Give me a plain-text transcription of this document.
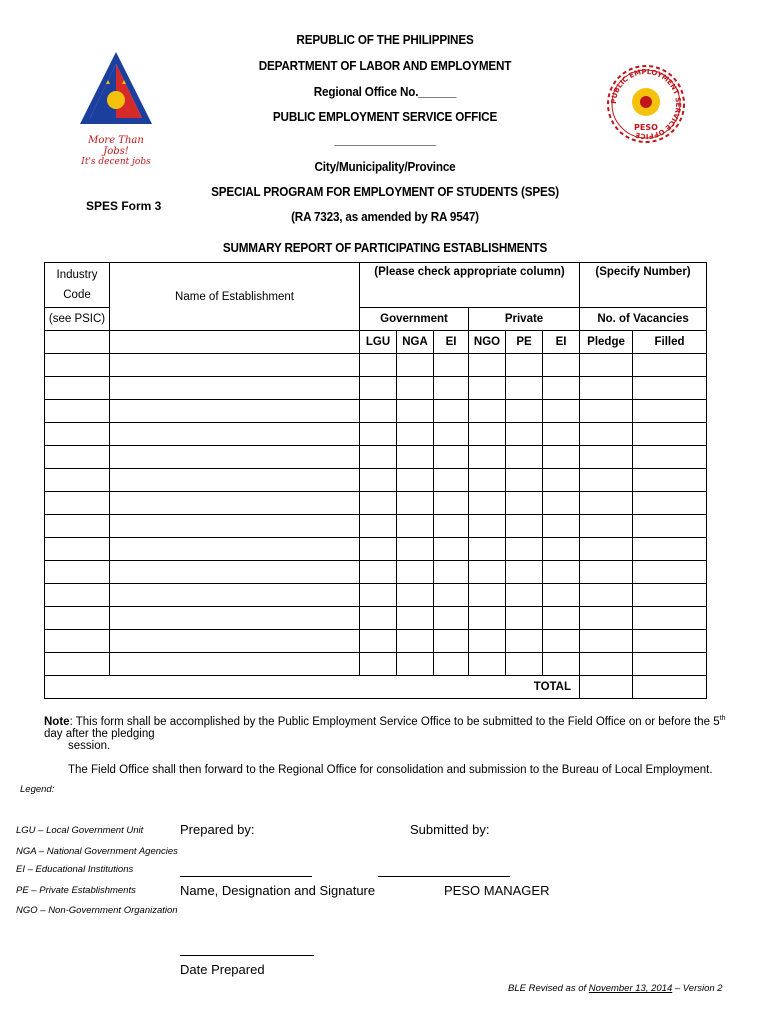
More Than Jobs!
It's decent jobs
PUBLIC EMPLOYMENT SERVICE OFFICE
PESO
REPUBLIC OF THE PHILIPPINES
DEPARTMENT OF LABOR AND EMPLOYMENT
Regional Office No.______
PUBLIC EMPLOYMENT SERVICE OFFICE
________________
City/Municipality/Province
SPECIAL PROGRAM FOR EMPLOYMENT OF STUDENTS (SPES)
(RA 7323, as amended by RA 9547)
SUMMARY REPORT OF PARTICIPATING ESTABLISHMENTS
SPES Form 3
Industry
Code	Name of Establishment	(Please check appropriate column)						(Specify Number)	

(see PSIC)		Government			Private			No. of Vacancies	
		LGU	NGA	EI	NGO	PE	EI	Pledge	Filled

TOTAL									
Note: This form shall be accomplished by the Public Employment Service Office to be submitted to the Field Office on or before the 5th day after the pledging
session.
The Field Office shall then forward to the Regional Office for consolidation and submission to the Bureau of Local Employment.
Legend:
LGU – Local Government Unit
NGA – National Government Agencies
EI – Educational Institutions
PE – Private Establishments
NGO – Non-Government Organization
Prepared by:	Submitted by:
Name, Designation and Signature	PESO MANAGER
Date Prepared
BLE Revised as of November 13, 2014 – Version 2
